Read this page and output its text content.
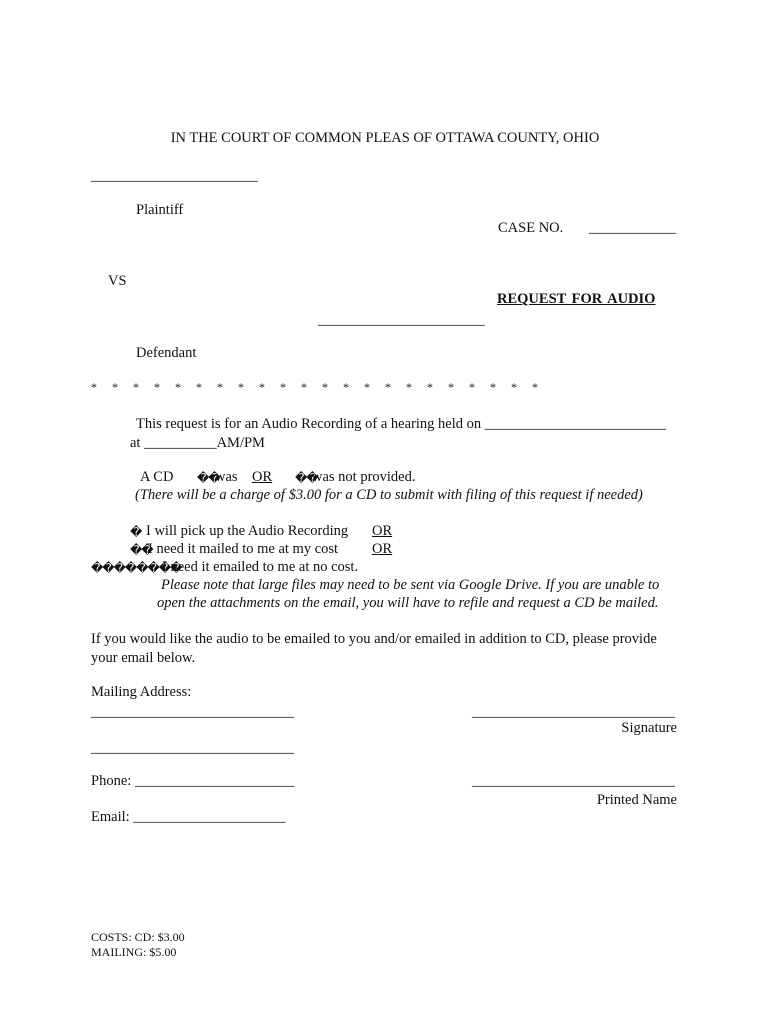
IN THE COURT OF COMMON PLEAS OF OTTAWA COUNTY, OHIO
_______________________
Plaintiff
CASE NO. ____________
VS
REQUEST FOR AUDIO
_______________________
Defendant
*     *     *     *     *     *     *     *     *     *     *     *     *     *     *     *     *     *     *     *     *     *
This request is for an Audio Recording of a hearing held on _________________________
at __________AM/PM
A CD ��
was OR ��
was not provided.
(There will be a charge of $3.00 for a CD to submit with filing of this request if needed)
� I will pick up the Audio Recording OR
��
I need it mailed to me at my cost OR
��������
I need it emailed to me at no cost.
Please note that large files may need to be sent via Google Drive. If you are unable to
open the attachments on the email, you will have to refile and request a CD be mailed.
If you would like the audio to be emailed to you and/or emailed in addition to CD, please provide your email below.
Mailing Address:
____________________________
____________________________
____________________________
Signature
Phone: ______________________	____________________________
Printed Name
Email: _____________________
COSTS: CD: $3.00
MAILING: $5.00
